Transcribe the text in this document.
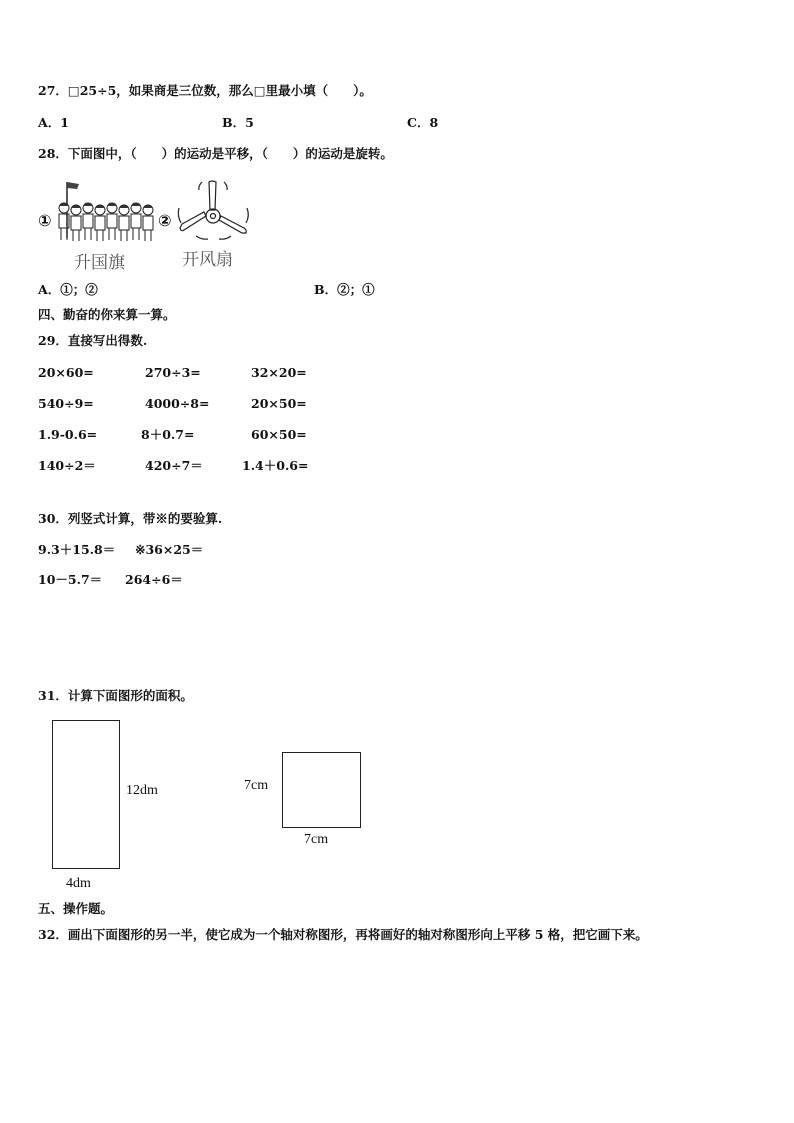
27．□25÷5，如果商是三位数，那么□里最小填（　　）。
A．1	B．5	C．8
28．下面图中，（　　）的运动是平移，（　　）的运动是旋转。
①
升国旗
②
开风扇
A．①；②	B．②；①
四、勤奋的你来算一算。
29．直接写出得数.
20×60=	270÷3=	32×20=
540÷9=	4000÷8=	20×50=
1.9-0.6=	8＋0.7=	60×50=
140÷2＝	420÷7＝	1.4＋0.6=
30．列竖式计算，带※的要验算.
9.3＋15.8＝ ※36×25＝
10－5.7＝ 264÷6＝
31．计算下面图形的面积。
12dm
4dm
7cm
7cm
五、操作题。
32．画出下面图形的另一半，使它成为一个轴对称图形，再将画好的轴对称图形向上平移 5 格，把它画下来。
